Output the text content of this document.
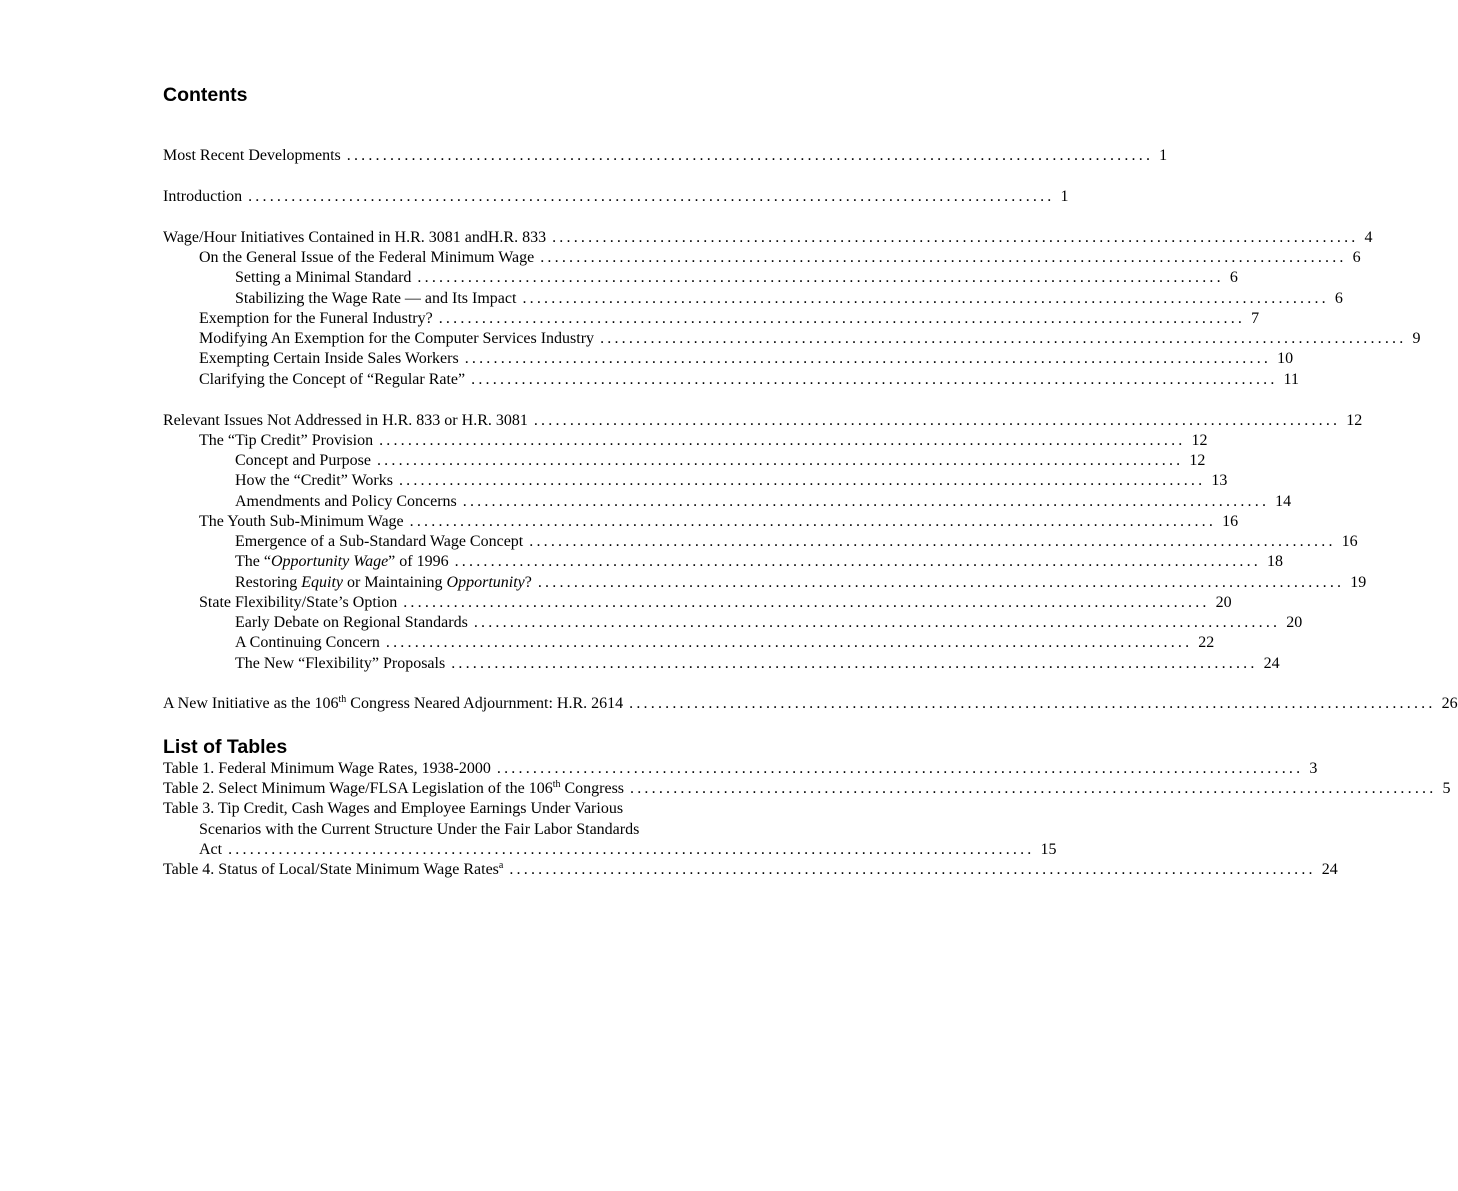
Contents
Most Recent Developments ................................................................................................................ 1
Introduction ................................................................................................................ 1
Wage/Hour Initiatives Contained in H.R. 3081 andH.R. 833 ................................................................................................................ 4
On the General Issue of the Federal Minimum Wage ................................................................................................................ 6
Setting a Minimal Standard ................................................................................................................ 6
Stabilizing the Wage Rate — and Its Impact ................................................................................................................ 6
Exemption for the Funeral Industry? ................................................................................................................ 7
Modifying An Exemption for the Computer Services Industry ................................................................................................................ 9
Exempting Certain Inside Sales Workers ................................................................................................................ 10
Clarifying the Concept of “Regular Rate” ................................................................................................................ 11
Relevant Issues Not Addressed in H.R. 833 or H.R. 3081 ................................................................................................................ 12
The “Tip Credit” Provision ................................................................................................................ 12
Concept and Purpose ................................................................................................................ 12
How the “Credit” Works ................................................................................................................ 13
Amendments and Policy Concerns ................................................................................................................ 14
The Youth Sub-Minimum Wage ................................................................................................................ 16
Emergence of a Sub-Standard Wage Concept ................................................................................................................ 16
The “Opportunity Wage” of 1996 ................................................................................................................ 18
Restoring Equity or Maintaining Opportunity? ................................................................................................................ 19
State Flexibility/State’s Option ................................................................................................................ 20
Early Debate on Regional Standards ................................................................................................................ 20
A Continuing Concern ................................................................................................................ 22
The New “Flexibility” Proposals ................................................................................................................ 24
A New Initiative as the 106th Congress Neared Adjournment: H.R. 2614 ................................................................................................................ 26
List of Tables
Table 1. Federal Minimum Wage Rates, 1938-2000 ................................................................................................................ 3
Table 2. Select Minimum Wage/FLSA Legislation of the 106th Congress ................................................................................................................ 5
Table 3. Tip Credit, Cash Wages and Employee Earnings Under Various
Scenarios with the Current Structure Under the Fair Labor Standards
Act ................................................................................................................ 15
Table 4. Status of Local/State Minimum Wage Rates$^a$ ................................................................................................................ 24
